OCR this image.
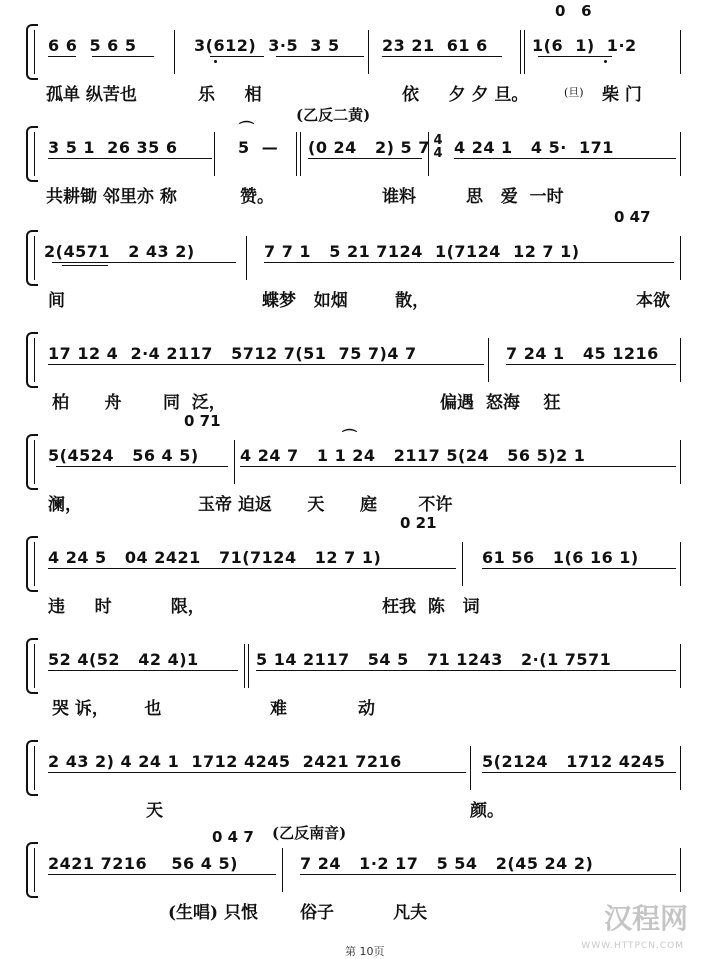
6 6  5 6 5	3(612)  3·5  3 5	23 21  61 6
0   6
1(6  1)  1·2
孤单 纵苦也	乐     相	依     夕 夕 旦。	(旦) 柴 门
(乙反二黄)
3 5 1  26 35 6	5  —
⌒
(0 24   2) 5 7 4
4 4 24 1   4 5·  171
共耕锄 邻里亦 称	赞。	谁料	思   爱  一时
2(4571   2 43 2)
0 47
7 7 1   5 21 7124  1(7124  12 7 1)
间	蝶梦   如烟        散，	本欲
17 12 4  2·4 2117   5712 7(51  75 7)4 7	7 24 1   45 1216
柏      舟       同  泛，	偏遇  怒海    狂
0 71
5(4524   56 4 5)	4 24 7   1 1 24   2117 5(24   56 5)2 1
⌒
澜，	玉帝 迫返      天      庭       不许
0 21
4 24 5   04 2421   71(7124   12 7 1)	61 56   1(6 16 1)
违     时          限，	枉我  陈   词
52 4(52   42 4)1	5 14 2117   54 5   71 1243   2·(1 7571
哭 诉，      也	难            动
2 43 2) 4 24 1  1712 4245  2421 7216	5(2124   1712 4245
天	颜。
(乙反南音)
0 4 7
2421 7216    56 4 5)	7 24   1·2 17   5 54   2(45 24 2)
(生唱) 只恨 俗子          凡夫	汉程网
WWW.HTTPCN.COM
第 10页
